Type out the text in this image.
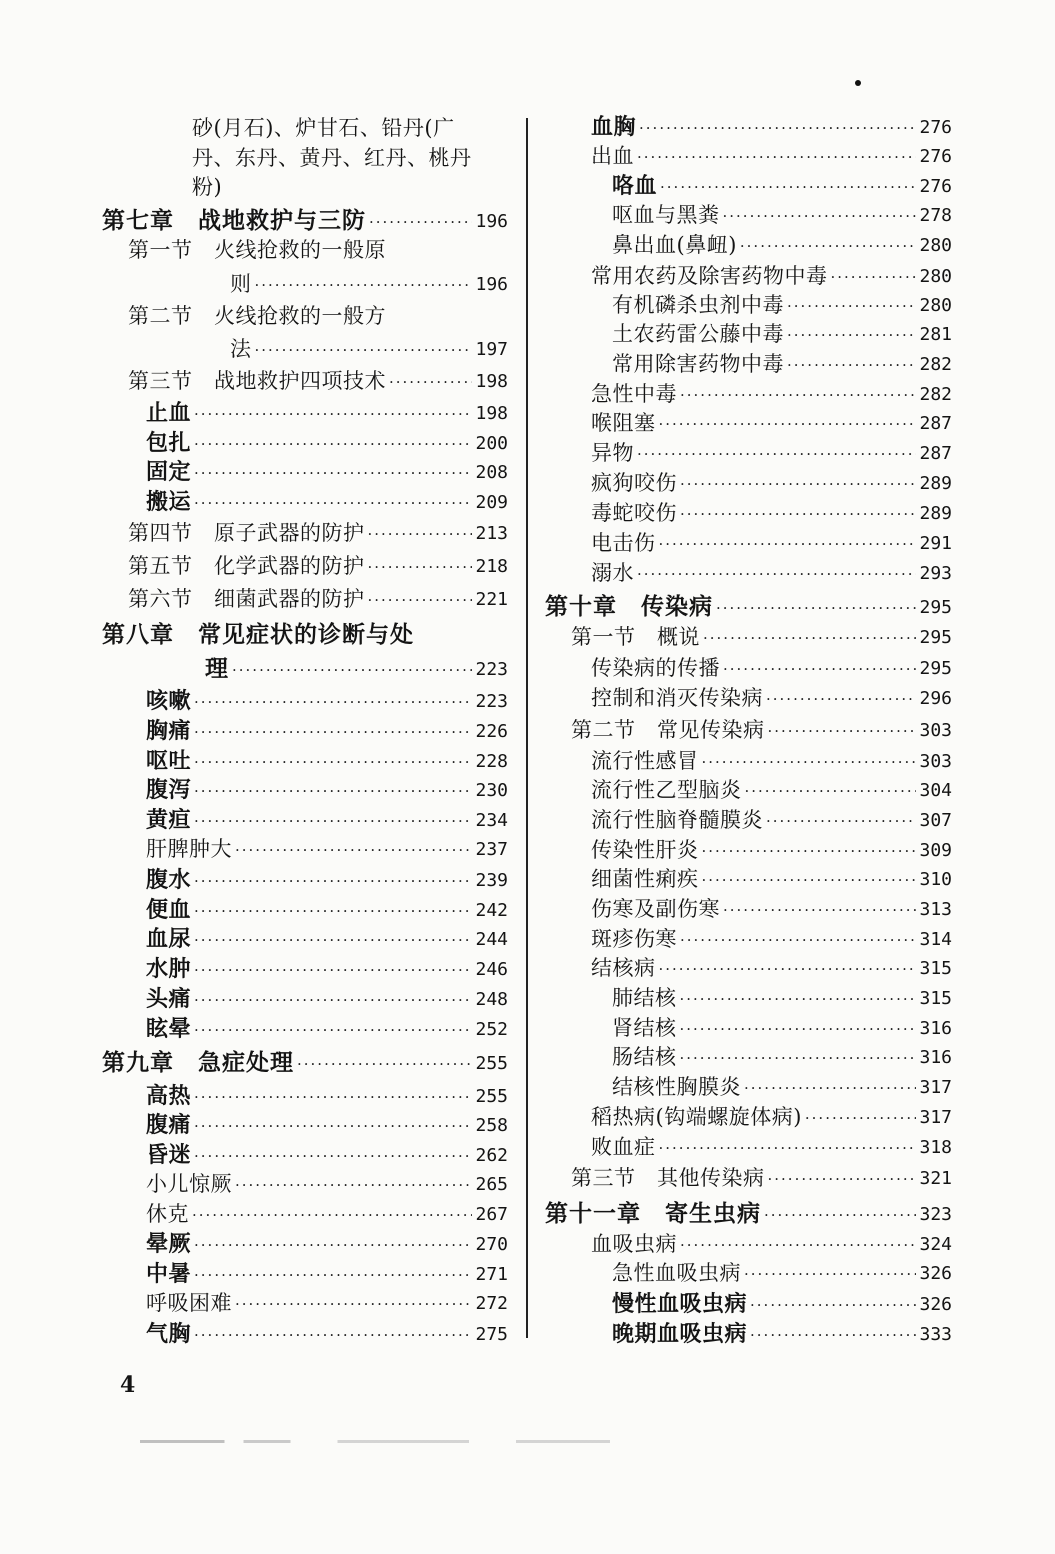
砂(月石)、炉甘石、铅丹(广
丹、东丹、黄丹、红丹、桃丹
粉)
第七章　战地救护与三防 ·····	196
第一节　火线抢救的一般原
则 ·····	196
第二节　火线抢救的一般方
法 ·····	197
第三节　战地救护四项技术 ·····	198
止血 ·····	198
包扎 ·····	200
固定 ·····	208
搬运 ·····	209
第四节　原子武器的防护 ·····	213
第五节　化学武器的防护 ·····	218
第六节　细菌武器的防护 ·····	221
第八章　常见症状的诊断与处
理 ·····	223
咳嗽 ·····	223
胸痛 ·····	226
呕吐 ·····	228
腹泻 ·····	230
黄疸 ·····	234
肝脾肿大 ·····	237
腹水 ·····	239
便血 ·····	242
血尿 ·····	244
水肿 ·····	246
头痛 ·····	248
眩晕 ·····	252
第九章　急症处理 ·····	255
高热 ·····	255
腹痛 ·····	258
昏迷 ·····	262
小儿惊厥 ·····	265
休克 ·····	267
晕厥 ·····	270
中暑 ·····	271
呼吸困难 ·····	272
气胸 ·····	275
血胸 ·····	276
出血 ·····	276
咯血 ·····	276
呕血与黑粪 ·····	278
鼻出血(鼻衄) ·····	280
常用农药及除害药物中毒 ·····	280
有机磷杀虫剂中毒 ·····	280
土农药雷公藤中毒 ·····	281
常用除害药物中毒 ·····	282
急性中毒 ·····	282
喉阻塞 ·····	287
异物 ·····	287
疯狗咬伤 ·····	289
毒蛇咬伤 ·····	289
电击伤 ·····	291
溺水 ·····	293
第十章　传染病 ·····	295
第一节　概说 ·····	295
传染病的传播 ·····	295
控制和消灭传染病 ·····	296
第二节　常见传染病 ·····	303
流行性感冒 ·····	303
流行性乙型脑炎 ·····	304
流行性脑脊髓膜炎 ·····	307
传染性肝炎 ·····	309
细菌性痢疾 ·····	310
伤寒及副伤寒 ·····	313
斑疹伤寒 ·····	314
结核病 ·····	315
肺结核 ·····	315
肾结核 ·····	316
肠结核 ·····	316
结核性胸膜炎 ·····	317
稻热病(钩端螺旋体病) ·····	317
败血症 ·····	318
第三节　其他传染病 ·····	321
第十一章　寄生虫病 ·····	323
血吸虫病 ·····	324
急性血吸虫病 ·····	326
慢性血吸虫病 ·····	326
晚期血吸虫病 ·····	333
4
